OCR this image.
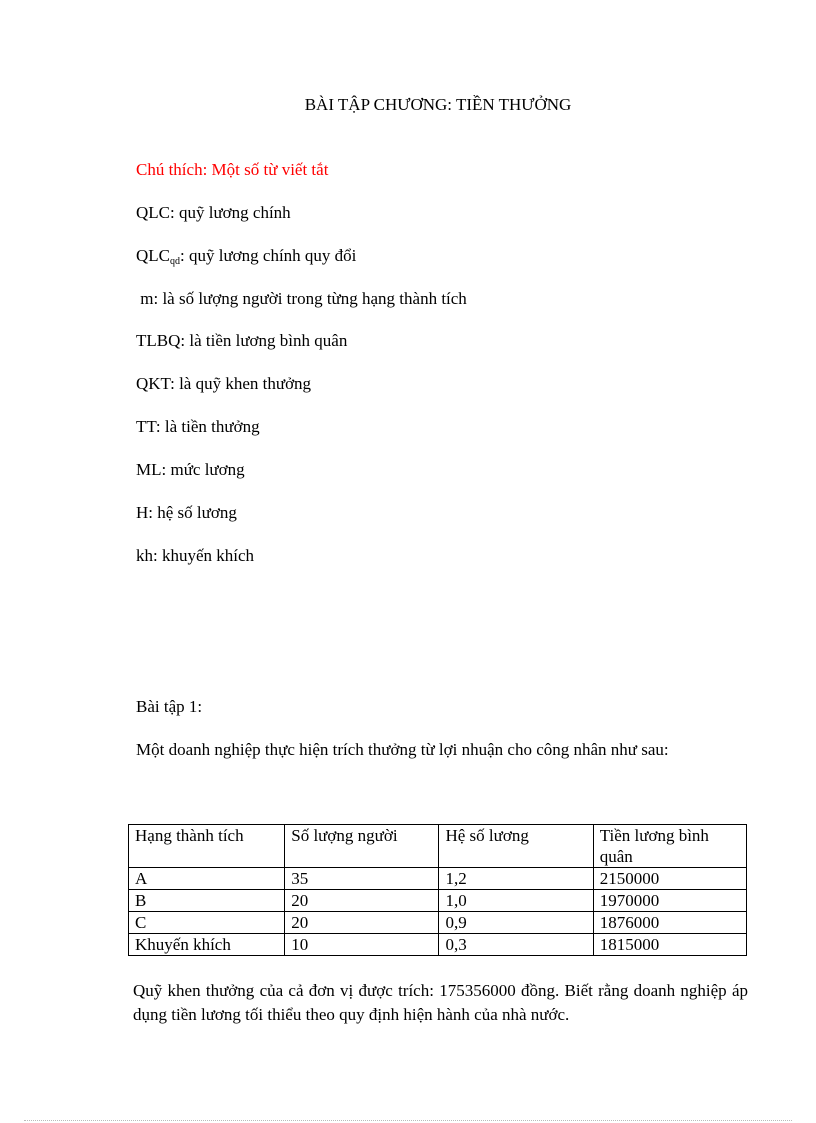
BÀI TẬP CHƯƠNG: TIỀN THƯỞNG
Chú thích: Một số từ viết tắt
QLC: quỹ lương chính
$QLC_{qd}$: quỹ lương chính quy đổi
m: là số lượng người trong từng hạng thành tích
TLBQ: là tiền lương bình quân
QKT: là quỹ khen thưởng
TT: là tiền thưởng
ML: mức lương
H: hệ số lương
kh: khuyến khích
Bài tập 1:
Một doanh nghiệp thực hiện trích thưởng từ lợi nhuận cho công nhân như sau:
Hạng thành tích	Số lượng người	Hệ số lương	Tiền lương bình quân
A	35	1,2	2150000
B	20	1,0	1970000
C	20	0,9	1876000
Khuyến khích	10	0,3	1815000
Quỹ khen thưởng của cả đơn vị được trích: 175356000 đồng. Biết rằng doanh nghiệp áp dụng tiền lương tối thiểu theo quy định hiện hành của nhà nước.
